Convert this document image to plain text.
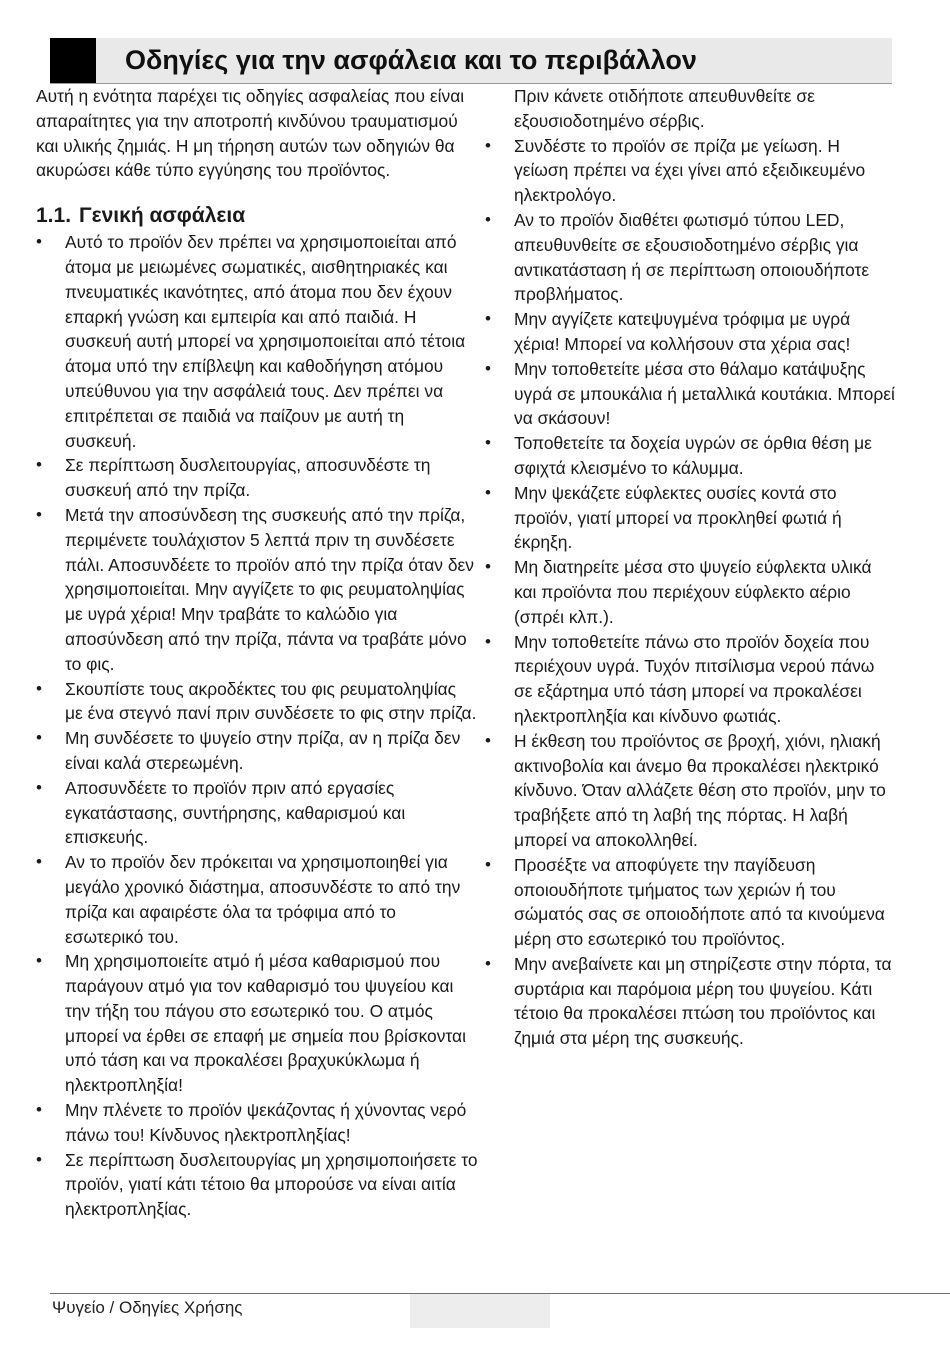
Οδηγίες για την ασφάλεια και το περιβάλλον

Αυτή η ενότητα παρέχει τις οδηγίες ασφαλείας που είναι απαραίτητες για την αποτροπή κινδύνου τραυματισμού και υλικής ζημιάς. Η μη τήρηση αυτών των οδηγιών θα ακυρώσει κάθε τύπο εγγύησης του προϊόντος.

1.1. Γενική ασφάλεια
• Αυτό το προϊόν δεν πρέπει να χρησιμοποιείται από άτομα με μειωμένες σωματικές, αισθητηριακές και πνευματικές ικανότητες, από άτομα που δεν έχουν επαρκή γνώση και εμπειρία και από παιδιά. Η συσκευή αυτή μπορεί να χρησιμοποιείται από τέτοια άτομα υπό την επίβλεψη και καθοδήγηση ατόμου υπεύθυνου για την ασφάλειά τους. Δεν πρέπει να επιτρέπεται σε παιδιά να παίζουν με αυτή τη συσκευή.
• Σε περίπτωση δυσλειτουργίας, αποσυνδέστε τη συσκευή από την πρίζα.
• Μετά την αποσύνδεση της συσκευής από την πρίζα, περιμένετε τουλάχιστον 5 λεπτά πριν τη συνδέσετε πάλι. Αποσυνδέετε το προϊόν από την πρίζα όταν δεν χρησιμοποιείται. Μην αγγίζετε το φις ρευματοληψίας με υγρά χέρια! Μην τραβάτε το καλώδιο για αποσύνδεση από την πρίζα, πάντα να τραβάτε μόνο το φις.
• Σκουπίστε τους ακροδέκτες του φις ρευματοληψίας με ένα στεγνό πανί πριν συνδέσετε το φις στην πρίζα.
• Μη συνδέσετε το ψυγείο στην πρίζα, αν η πρίζα δεν είναι καλά στερεωμένη.
• Αποσυνδέετε το προϊόν πριν από εργασίες εγκατάστασης, συντήρησης, καθαρισμού και επισκευής.
• Αν το προϊόν δεν πρόκειται να χρησιμοποιηθεί για μεγάλο χρονικό διάστημα, αποσυνδέστε το από την πρίζα και αφαιρέστε όλα τα τρόφιμα από το εσωτερικό του.
• Μη χρησιμοποιείτε ατμό ή μέσα καθαρισμού που παράγουν ατμό για τον καθαρισμό του ψυγείου και την τήξη του πάγου στο εσωτερικό του. Ο ατμός μπορεί να έρθει σε επαφή με σημεία που βρίσκονται υπό τάση και να προκαλέσει βραχυκύκλωμα ή ηλεκτροπληξία!
• Μην πλένετε το προϊόν ψεκάζοντας ή χύνοντας νερό πάνω του! Κίνδυνος ηλεκτροπληξίας!
• Σε περίπτωση δυσλειτουργίας μη χρησιμοποιήσετε το προϊόν, γιατί κάτι τέτοιο θα μπορούσε να είναι αιτία ηλεκτροπληξίας.

Πριν κάνετε οτιδήποτε απευθυνθείτε σε εξουσιοδοτημένο σέρβις.

• Συνδέστε το προϊόν σε πρίζα με γείωση. Η γείωση πρέπει να έχει γίνει από εξειδικευμένο ηλεκτρολόγο.
• Αν το προϊόν διαθέτει φωτισμό τύπου LED, απευθυνθείτε σε εξουσιοδοτημένο σέρβις για αντικατάσταση ή σε περίπτωση οποιουδήποτε προβλήματος.
• Μην αγγίζετε κατεψυγμένα τρόφιμα με υγρά χέρια! Μπορεί να κολλήσουν στα χέρια σας!
• Μην τοποθετείτε μέσα στο θάλαμο κατάψυξης υγρά σε μπουκάλια ή μεταλλικά κουτάκια. Μπορεί να σκάσουν!
• Τοποθετείτε τα δοχεία υγρών σε όρθια θέση με σφιχτά κλεισμένο το κάλυμμα.
• Μην ψεκάζετε εύφλεκτες ουσίες κοντά στο προϊόν, γιατί μπορεί να προκληθεί φωτιά ή έκρηξη.
• Μη διατηρείτε μέσα στο ψυγείο εύφλεκτα υλικά και προϊόντα που περιέχουν εύφλεκτο αέριο (σπρέι κλπ.).
• Μην τοποθετείτε πάνω στο προϊόν δοχεία που περιέχουν υγρά. Τυχόν πιτσίλισμα νερού πάνω σε εξάρτημα υπό τάση μπορεί να προκαλέσει ηλεκτροπληξία και κίνδυνο φωτιάς.
• Η έκθεση του προϊόντος σε βροχή, χιόνι, ηλιακή ακτινοβολία και άνεμο θα προκαλέσει ηλεκτρικό κίνδυνο. Όταν αλλάζετε θέση στο προϊόν, μην το τραβήξετε από τη λαβή της πόρτας. Η λαβή μπορεί να αποκολληθεί.
• Προσέξτε να αποφύγετε την παγίδευση οποιουδήποτε τμήματος των χεριών ή του σώματός σας σε οποιοδήποτε από τα κινούμενα μέρη στο εσωτερικό του προϊόντος.
• Μην ανεβαίνετε και μη στηρίζεστε στην πόρτα, τα συρτάρια και παρόμοια μέρη του ψυγείου. Κάτι τέτοιο θα προκαλέσει πτώση του προϊόντος και ζημιά στα μέρη της συσκευής.
Ψυγείο / Οδηγίες Χρήσης
